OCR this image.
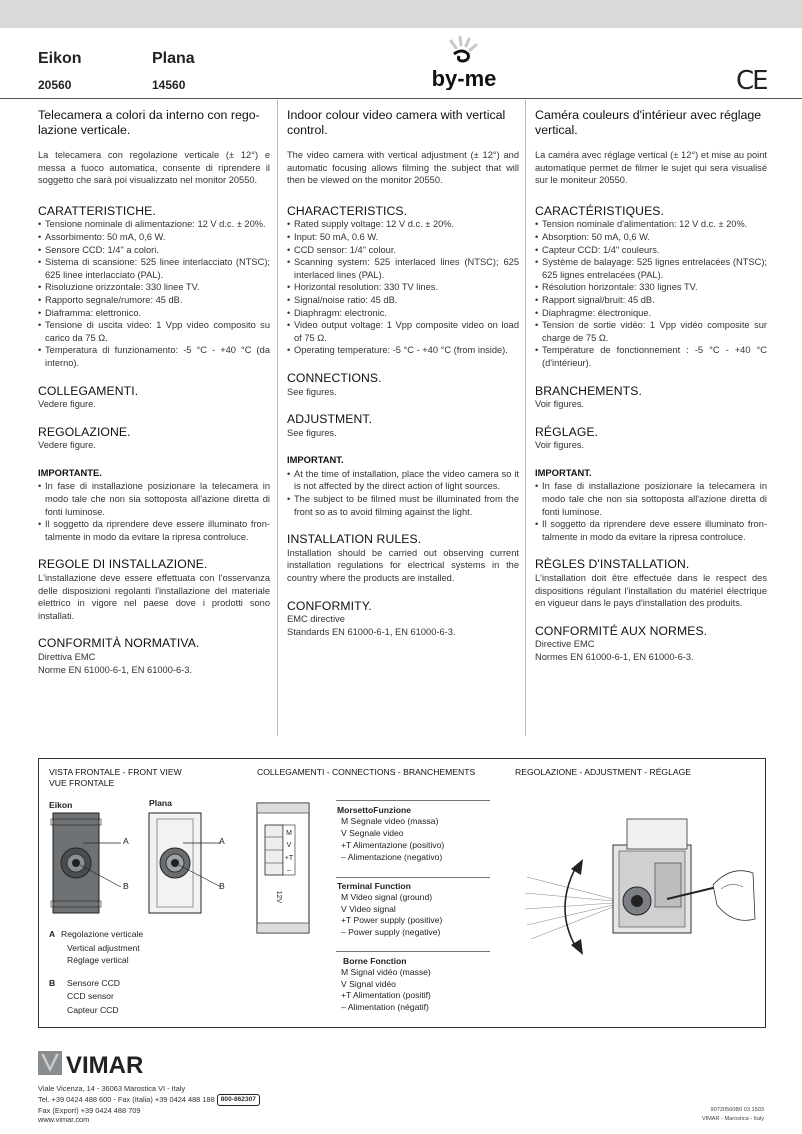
Eikon
20560
Plana
14560	by-me	CE
Telecamera a colori da interno con rego-
lazione verticale.
La telecamera con regolazione verticale (± 12°) e messa a fuoco automatica, consente di riprendere il soggetto che sarà poi visualizzato nel monitor 20550.
CARATTERISTICHE.
• Tensione nominale di alimentazione: 12 V d.c. ± 20%.
• Assorbimento: 50 mA, 0,6 W.
• Sensore CCD: 1/4" a colori.
• Sistema di scansione: 525 linee interlacciato (NTSC); 625 linee interlacciato (PAL).
• Risoluzione orizzontale: 330 linee TV.
• Rapporto segnale/rumore: 45 dB.
• Diaframma: elettronico.
• Tensione di uscita video: 1 Vpp video composito su carico da 75 Ω.
• Temperatura di funzionamento: -5 °C - +40 °C (da interno).
COLLEGAMENTI.
Vedere figure.
REGOLAZIONE.
Vedere figure.
IMPORTANTE.
• In fase di installazione posizionare la telecamera in modo tale che non sia sottoposta all'azione diretta di fonti luminose.
• Il soggetto da riprendere deve essere illuminato fron- talmente in modo da evitare la ripresa controluce.
REGOLE DI INSTALLAZIONE.
L'installazione deve essere effettuata con l'osservanza delle disposizioni regolanti l'installazione del materiale elettrico in vigore nel paese dove i prodotti sono installati.
CONFORMITÀ NORMATIVA.
Direttiva EMC
Norme EN 61000-6-1, EN 61000-6-3.
Indoor colour video camera with vertical
control.
The video camera with vertical adjustment (± 12°) and automatic focusing allows filming the subject that will then be viewed on the monitor 20550.
CHARACTERISTICS.
• Rated supply voltage: 12 V d.c. ± 20%.
• Input: 50 mA, 0.6 W.
• CCD sensor: 1/4" colour.
• Scanning system: 525 interlaced lines (NTSC); 625 interlaced lines (PAL).
• Horizontal resolution: 330 TV lines.
• Signal/noise ratio: 45 dB.
• Diaphragm: electronic.
• Video output voltage: 1 Vpp composite video on load of 75 Ω.
• Operating temperature: -5 °C - +40 °C (from inside).
CONNECTIONS.
See figures.
ADJUSTMENT.
See figures.
IMPORTANT.
• At the time of installation, place the video camera so it is not affected by the direct action of light sources.
• The subject to be filmed must be illuminated from the front so as to avoid filming against the light.
INSTALLATION RULES.
Installation should be carried out observing current installation regulations for electrical systems in the country where the products are installed.
CONFORMITY.
EMC directive
Standards EN 61000-6-1, EN 61000-6-3.
Caméra couleurs d'intérieur avec réglage
vertical.
La caméra avec réglage vertical (± 12°) et mise au point automatique permet de filmer le sujet qui sera visualisé sur le moniteur 20550.
CARACTÉRISTIQUES.
• Tension nominale d'alimentation: 12 V d.c. ± 20%.
• Absorption: 50 mA, 0,6 W.
• Capteur CCD: 1/4" couleurs.
• Système de balayage: 525 lignes entrelacées (NTSC); 625 lignes entrelacées (PAL).
• Résolution horizontale: 330 lignes TV.
• Rapport signal/bruit: 45 dB.
• Diaphragme: électronique.
• Tension de sortie vidéo: 1 Vpp vidéo composite sur charge de 75 Ω.
• Température de fonctionnement : -5 °C - +40 °C (d'intérieur).
BRANCHEMENTS.
Voir figures.
RÉGLAGE.
Voir figures.
IMPORTANT.
• In fase di installazione posizionare la telecamera in modo tale che non sia sottoposta all'azione diretta di fonti luminose.
• Il soggetto da riprendere deve essere illuminato fron- talmente in modo da evitare la ripresa controluce.
RÈGLES D'INSTALLATION.
L'installation doit être effectuée dans le respect des dispositions régulant l'installation du matériel électrique en vigueur dans le pays d'installation des produits.
CONFORMITÉ AUX NORMES.
Directive EMC
Normes EN 61000-6-1, EN 61000-6-3.
VISTA FRONTALE - FRONT VIEW
VUE FRONTALE
COLLEGAMENTI - CONNECTIONS - BRANCHEMENTS	REGOLAZIONE - ADJUSTMENT - RÉGLAGE
Eikon	Plana
A
B
A
B
A Regolazione verticale
Vertical adjustment
Réglage vertical
B Sensore CCD
CCD sensor
Capteur CCD
M
V
+T
–
12V
MorsettoFunzione
M Segnale video (massa)
V Segnale video
+T Alimentazione (positivo)
– Alimentazione (negativo)
Terminal Function
M Video signal (ground)
V Video signal
+T Power supply (positive)
– Power supply (negative)
Borne Fonction
M Signal vidéo (masse)
V Signal vidéo
+T Alimentation (positif)
– Alimentation (négatif)
VIMAR
Viale Vicenza, 14 - 36063 Marostica VI - Italy
Tel. +39 0424 488 600 - Fax (Italia) +39 0424 488 188 800-862307
Fax (Export) +39 0424 488 709
www.vimar.com
90720560B0 03 1503
VIMAR - Marostica - Italy
